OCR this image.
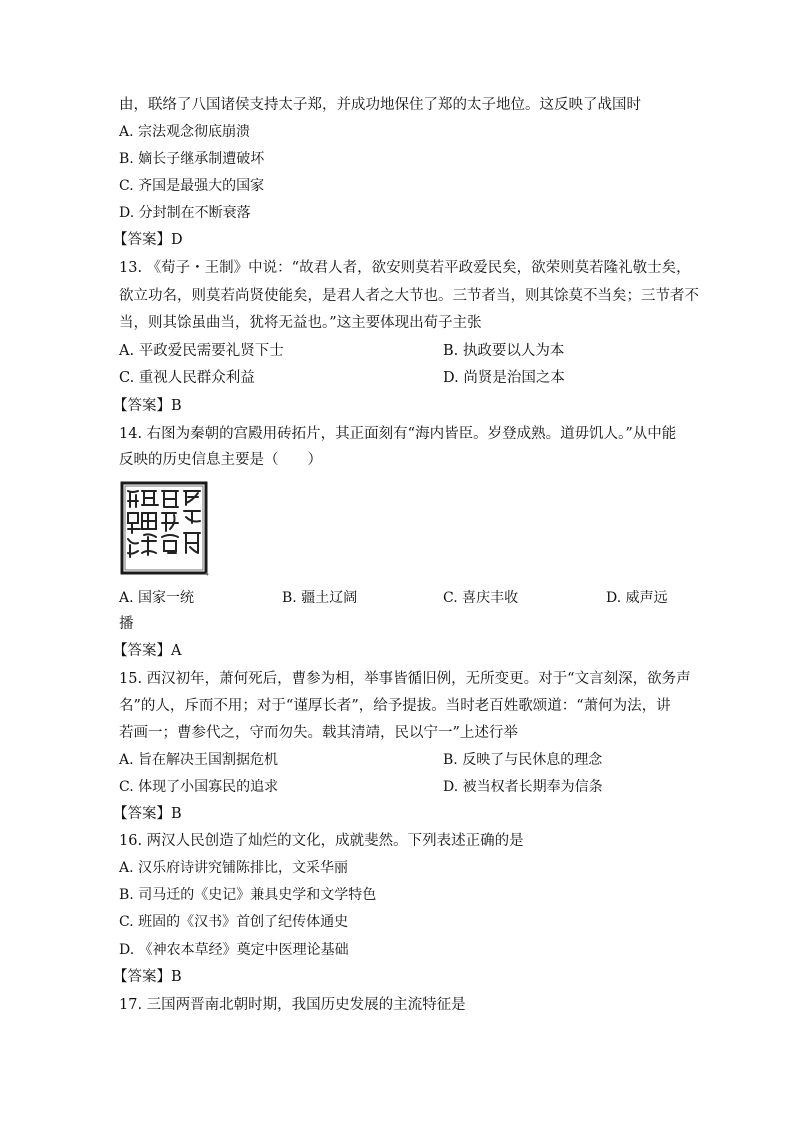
由，联络了八国诸侯支持太子郑，并成功地保住了郑的太子地位。这反映了战国时
A. 宗法观念彻底崩溃
B. 嫡长子继承制遭破坏
C. 齐国是最强大的国家
D. 分封制在不断衰落
【答案】D
13. 《荀子・王制》中说：“故君人者，欲安则莫若平政爱民矣，欲荣则莫若隆礼敬士矣，
欲立功名，则莫若尚贤使能矣，是君人者之大节也。三节者当，则其馀莫不当矣；三节者不
当，则其馀虽曲当，犹将无益也。”这主要体现出荀子主张
A. 平政爱民需要礼贤下士	B. 执政要以人为本
C. 重视人民群众利益	D. 尚贤是治国之本
【答案】B
14. 右图为秦朝的宫殿用砖拓片，其正面刻有“海内皆臣。岁登成熟。道毋饥人。”从中能
反映的历史信息主要是（　　）
A. 国家一统	B. 疆土辽阔	C. 喜庆丰收	D. 威声远
播
【答案】A
15. 西汉初年，萧何死后，曹参为相，举事皆循旧例，无所变更。对于“文言刻深，欲务声
名”的人，斥而不用；对于“谨厚长者”，给予提拔。当时老百姓歌颂道：“萧何为法，讲
若画一；曹参代之，守而勿失。载其清靖，民以宁一”上述行举
A. 旨在解决王国割据危机	B. 反映了与民休息的理念
C. 体现了小国寡民的追求	D. 被当权者长期奉为信条
【答案】B
16. 两汉人民创造了灿烂的文化，成就斐然。下列表述正确的是
A. 汉乐府诗讲究铺陈排比，文采华丽
B. 司马迁的《史记》兼具史学和文学特色
C. 班固的《汉书》首创了纪传体通史
D. 《神农本草经》奠定中医理论基础
【答案】B
17. 三国两晋南北朝时期，我国历史发展的主流特征是
